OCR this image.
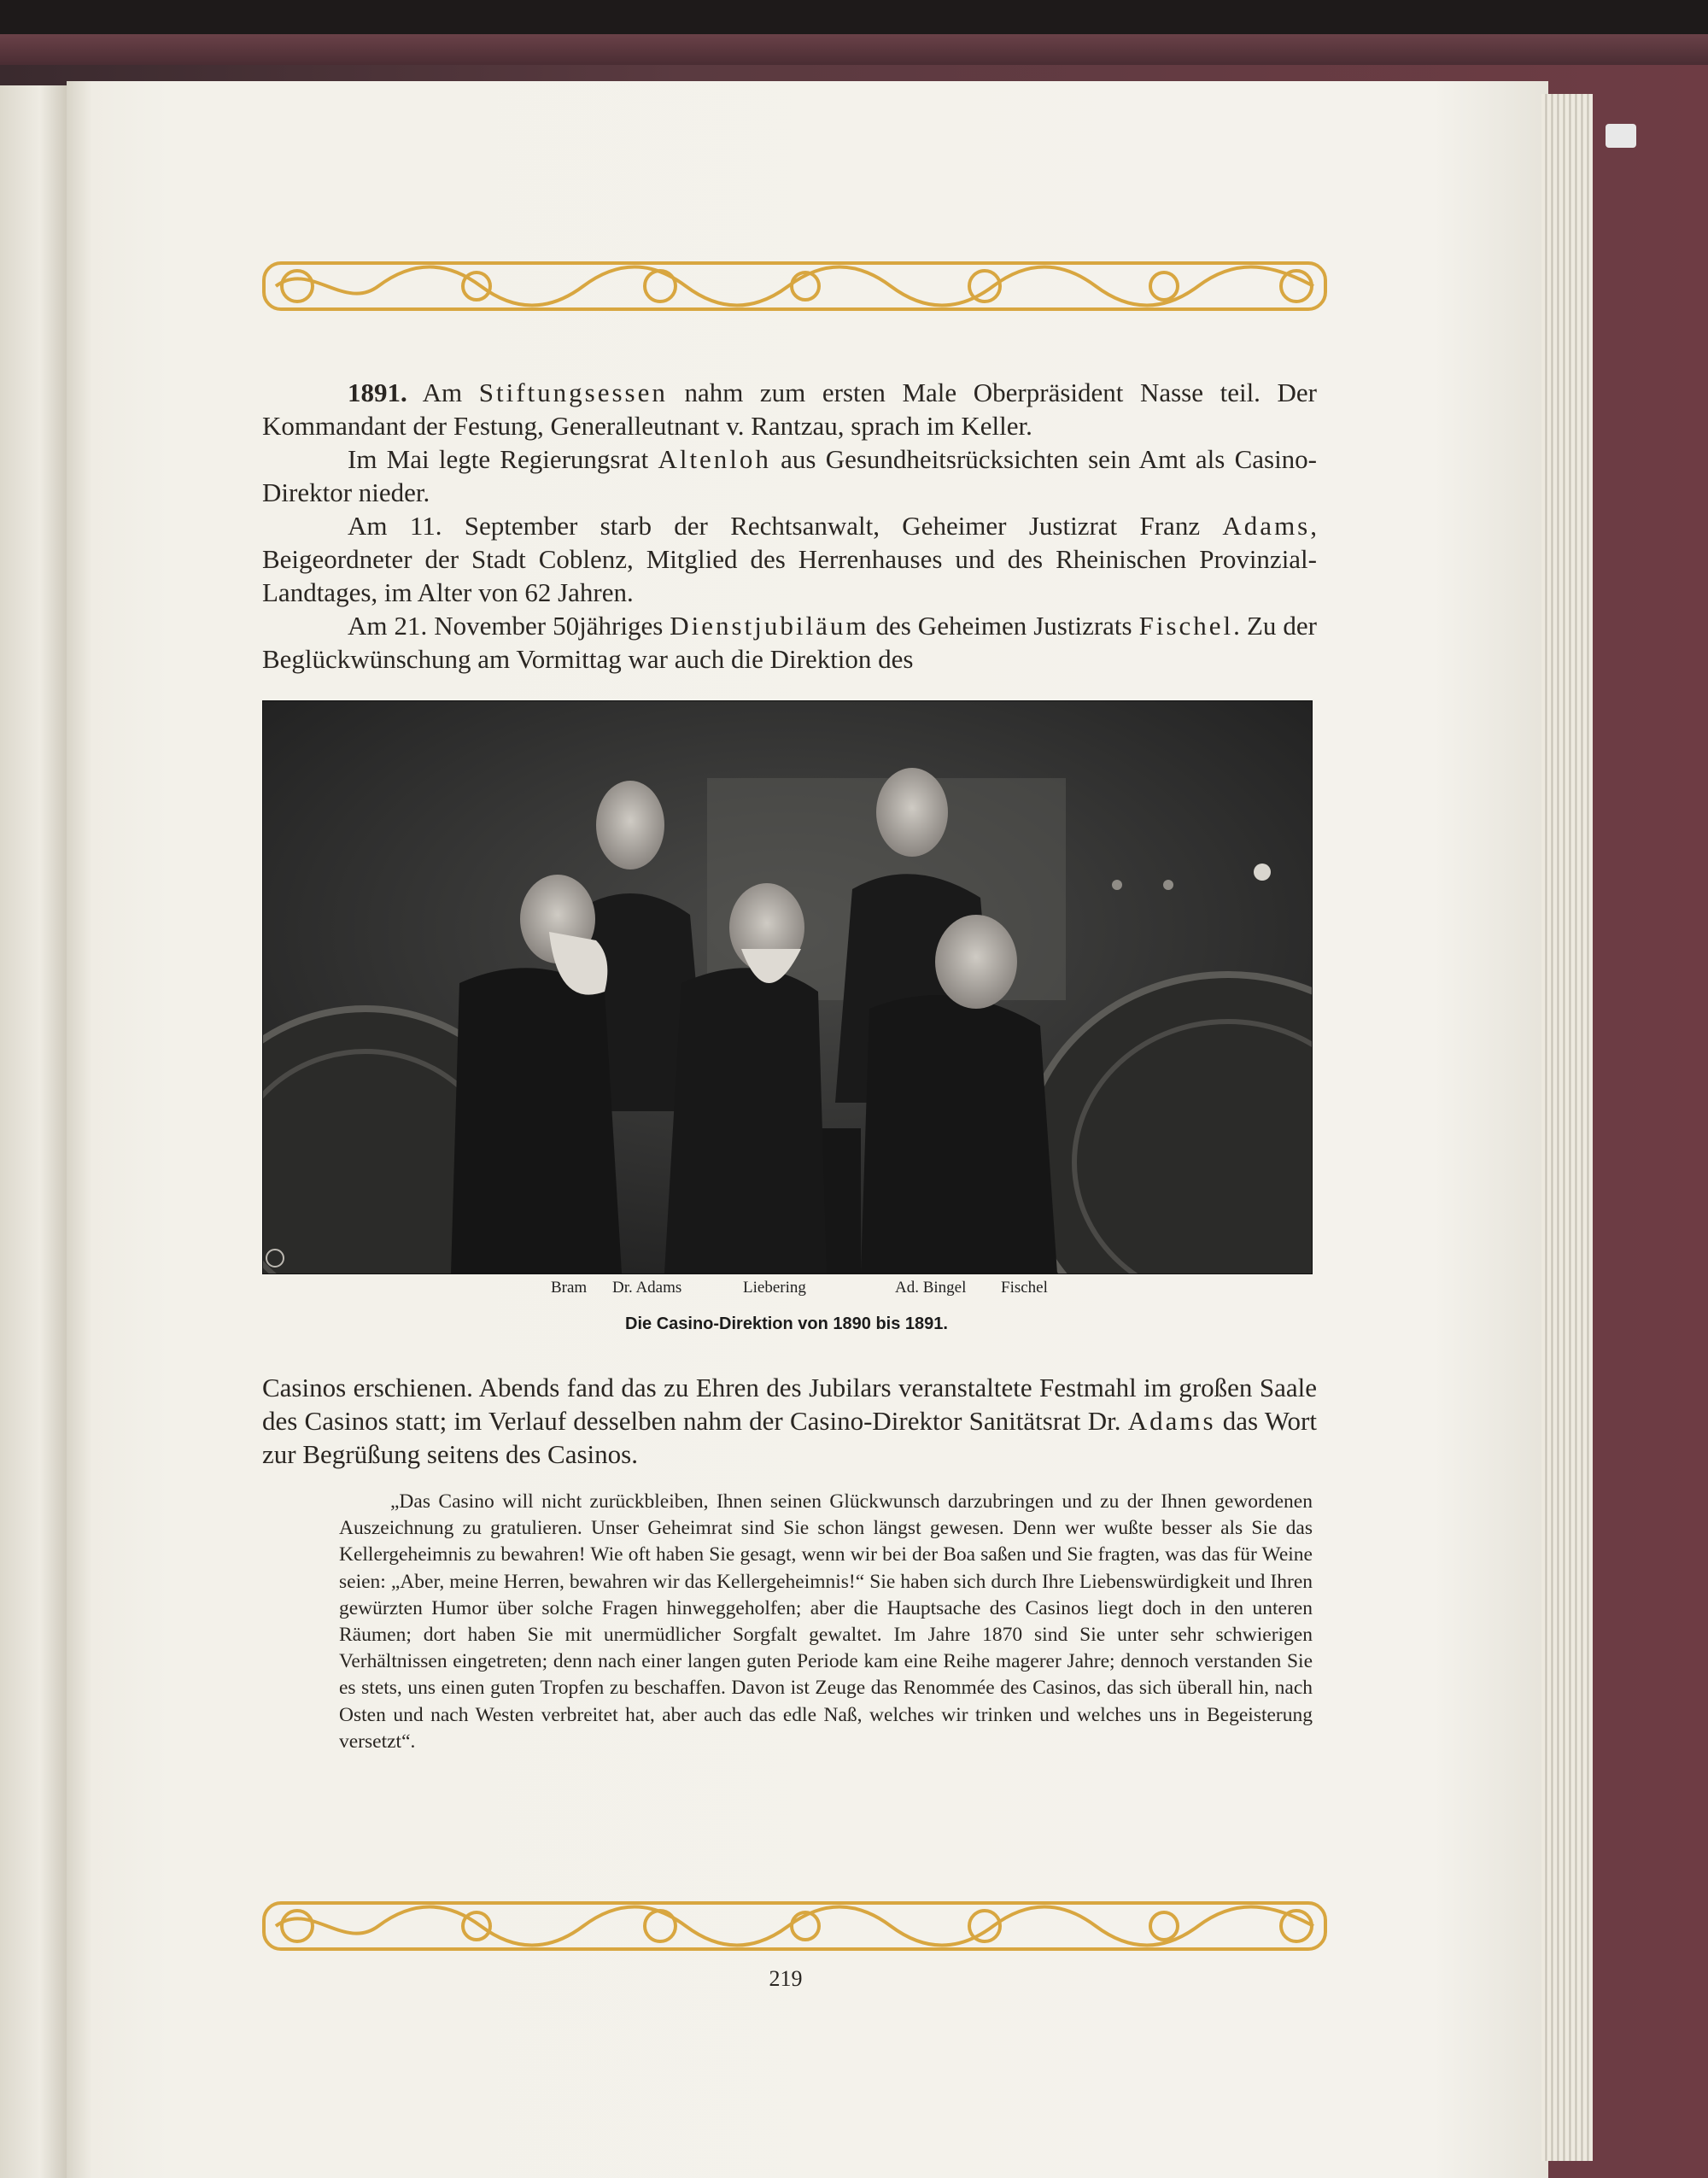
1891. Am Stiftungsessen nahm zum ersten Male Oberpräsident Nasse teil. Der Kommandant der Festung, Generalleutnant v. Rantzau, sprach im Keller.

Im Mai legte Regierungsrat Altenloh aus Gesundheitsrücksichten sein Amt als Casino-Direktor nieder.

Am 11. September starb der Rechtsanwalt, Geheimer Justizrat Franz Adams, Beigeordneter der Stadt Coblenz, Mitglied des Herrenhauses und des Rheinischen Provinzial-Landtages, im Alter von 62 Jahren.

Am 21. November 50jähriges Dienstjubiläum des Geheimen Justizrats Fischel. Zu der Beglückwünschung am Vormittag war auch die Direktion des

Bram Dr. Adams	Liebering	Ad. Bingel Fischel
Die Casino-Direktion von 1890 bis 1891.

Casinos erschienen. Abends fand das zu Ehren des Jubilars veranstaltete Festmahl im großen Saale des Casinos statt; im Verlauf desselben nahm der Casino-Direktor Sanitätsrat Dr. Adams das Wort zur Begrüßung seitens des Casinos.

„Das Casino will nicht zurückbleiben, Ihnen seinen Glückwunsch darzubringen und zu der Ihnen gewordenen Auszeichnung zu gratulieren. Unser Geheimrat sind Sie schon längst gewesen. Denn wer wußte besser als Sie das Kellergeheimnis zu bewahren! Wie oft haben Sie gesagt, wenn wir bei der Boa saßen und Sie fragten, was das für Weine seien: „Aber, meine Herren, bewahren wir das Kellergeheimnis!“ Sie haben sich durch Ihre Liebenswürdigkeit und Ihren gewürzten Humor über solche Fragen hinweggeholfen; aber die Hauptsache des Casinos liegt doch in den unteren Räumen; dort haben Sie mit unermüdlicher Sorgfalt gewaltet. Im Jahre 1870 sind Sie unter sehr schwierigen Verhältnissen eingetreten; denn nach einer langen guten Periode kam eine Reihe magerer Jahre; dennoch verstanden Sie es stets, uns einen guten Tropfen zu beschaffen. Davon ist Zeuge das Renommée des Casinos, das sich überall hin, nach Osten und nach Westen verbreitet hat, aber auch das edle Naß, welches wir trinken und welches uns in Begeisterung versetzt“.

219
